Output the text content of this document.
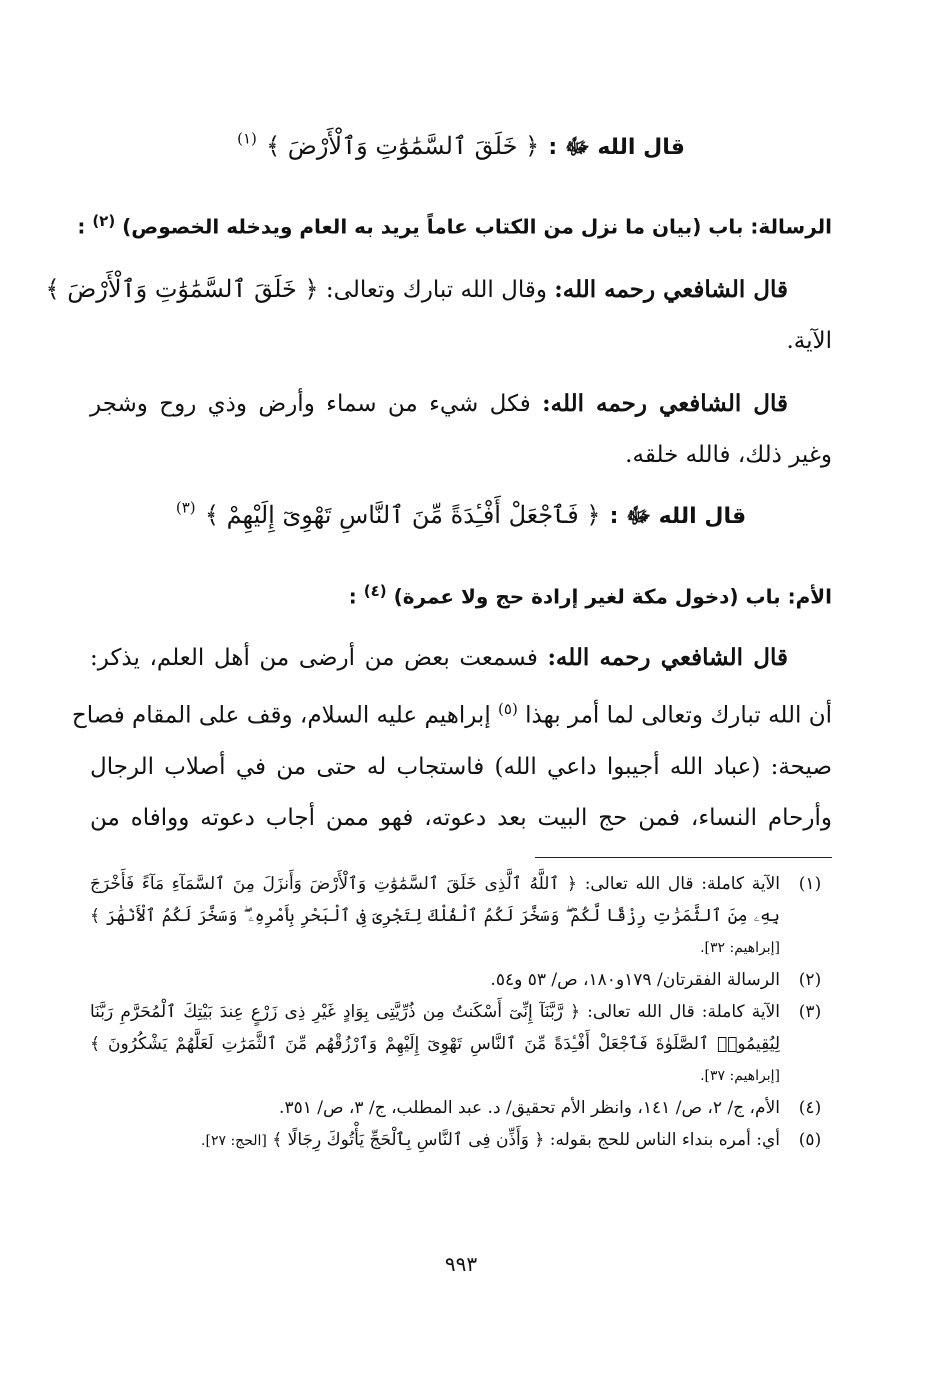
قال الله ﷻ : ﴿ خَلَقَ ٱلسَّمَٰوَٰتِ وَٱلْأَرْضَ ﴾ $^{(١)}$
الرسالة: باب (بيان ما نزل من الكتاب عاماً يريد به العام ويدخله الخصوص) $^{(٢)}$ :
قال الشافعي رحمه الله: وقال الله تبارك وتعالى: ﴿ خَلَقَ ٱلسَّمَٰوَٰتِ وَٱلْأَرْضَ ﴾
الآية.
قال الشافعي رحمه الله: فكل شيء من سماء وأرض وذي روح وشجر
وغير ذلك، فالله خلقه.
قال الله ﷻ : ﴿ فَٱجْعَلْ أَفْـِٔدَةً مِّنَ ٱلنَّاسِ تَهْوِىٓ إِلَيْهِمْ ﴾ $^{(٣)}$
الأم: باب (دخول مكة لغير إرادة حج ولا عمرة) $^{(٤)}$ :
قال الشافعي رحمه الله: فسمعت بعض من أرضى من أهل العلم، يذكر:
أن الله تبارك وتعالى لما أمر بهذا $^{(٥)}$ إبراهيم عليه السلام، وقف على المقام فصاح
صيحة: (عباد الله أجيبوا داعي الله) فاستجاب له حتى من في أصلاب الرجال
وأرحام النساء، فمن حج البيت بعد دعوته، فهو ممن أجاب دعوته ووافاه من
(١)
الآية كاملة: قال الله تعالى: ﴿ ٱللَّهُ ٱلَّذِى خَلَقَ ٱلسَّمَٰوَٰتِ وَٱلْأَرْضَ وَأَنزَلَ مِنَ ٱلسَّمَآءِ مَآءً فَأَخْرَجَ
بِهِۦ مِنَ ٱلثَّمَرَٰتِ رِزْقًا لَّكُمْ ۖ وَسَخَّرَ لَكُمُ ٱلْفُلْكَ لِتَجْرِىَ فِى ٱلْبَحْرِ بِأَمْرِهِۦ ۖ وَسَخَّرَ لَكُمُ ٱلْأَنْهَٰرَ ﴾
[إبراهيم: ٣٢].
(٢)
الرسالة الفقرتان/ ١٧٩و١٨٠، ص/ ٥٣ و٥٤.
(٣)
الآية كاملة: قال الله تعالى: ﴿ رَّبَّنَآ إِنِّىٓ أَسْكَنتُ مِن ذُرِّيَّتِى بِوَادٍ غَيْرِ ذِى زَرْعٍ عِندَ بَيْتِكَ ٱلْمُحَرَّمِ رَبَّنَا
لِيُقِيمُوا۟ ٱلصَّلَوٰةَ فَٱجْعَلْ أَفْـِٔدَةً مِّنَ ٱلنَّاسِ تَهْوِىٓ إِلَيْهِمْ وَٱرْزُقْهُم مِّنَ ٱلثَّمَرَٰتِ لَعَلَّهُمْ يَشْكُرُونَ ﴾
[إبراهيم: ٣٧].
(٤)
الأم، ج/ ٢، ص/ ١٤١، وانظر الأم تحقيق/ د. عبد المطلب، ج/ ٣، ص/ ٣٥١.
(٥)
أي: أمره بنداء الناس للحج بقوله: ﴿ وَأَذِّن فِى ٱلنَّاسِ بِٱلْحَجِّ يَأْتُوكَ رِجَالًا ﴾ [الحج: ٢٧].
٩٩٣
